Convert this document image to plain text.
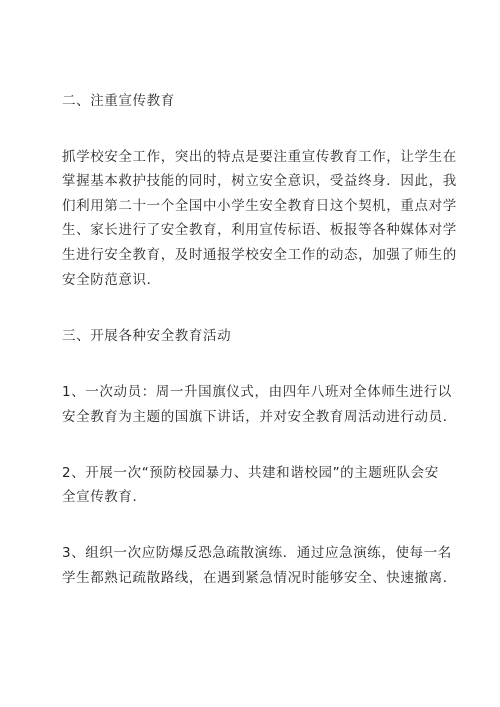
二、注重宣传教育
抓学校安全工作，突出的特点是要注重宣传教育工作，让学生在
掌握基本救护技能的同时，树立安全意识，受益终身．因此，我
们利用第二十一个全国中小学生安全教育日这个契机，重点对学
生、家长进行了安全教育，利用宣传标语、板报等各种媒体对学
生进行安全教育，及时通报学校安全工作的动态，加强了师生的
安全防范意识．
三、开展各种安全教育活动
1、一次动员：周一升国旗仪式，由四年八班对全体师生进行以
安全教育为主题的国旗下讲话，并对安全教育周活动进行动员．
2、开展一次“预防校园暴力、共建和谐校园”的主题班队会安
全宣传教育．
3、组织一次应防爆反恐急疏散演练．通过应急演练，使每一名
学生都熟记疏散路线，在遇到紧急情况时能够安全、快速撤离．
